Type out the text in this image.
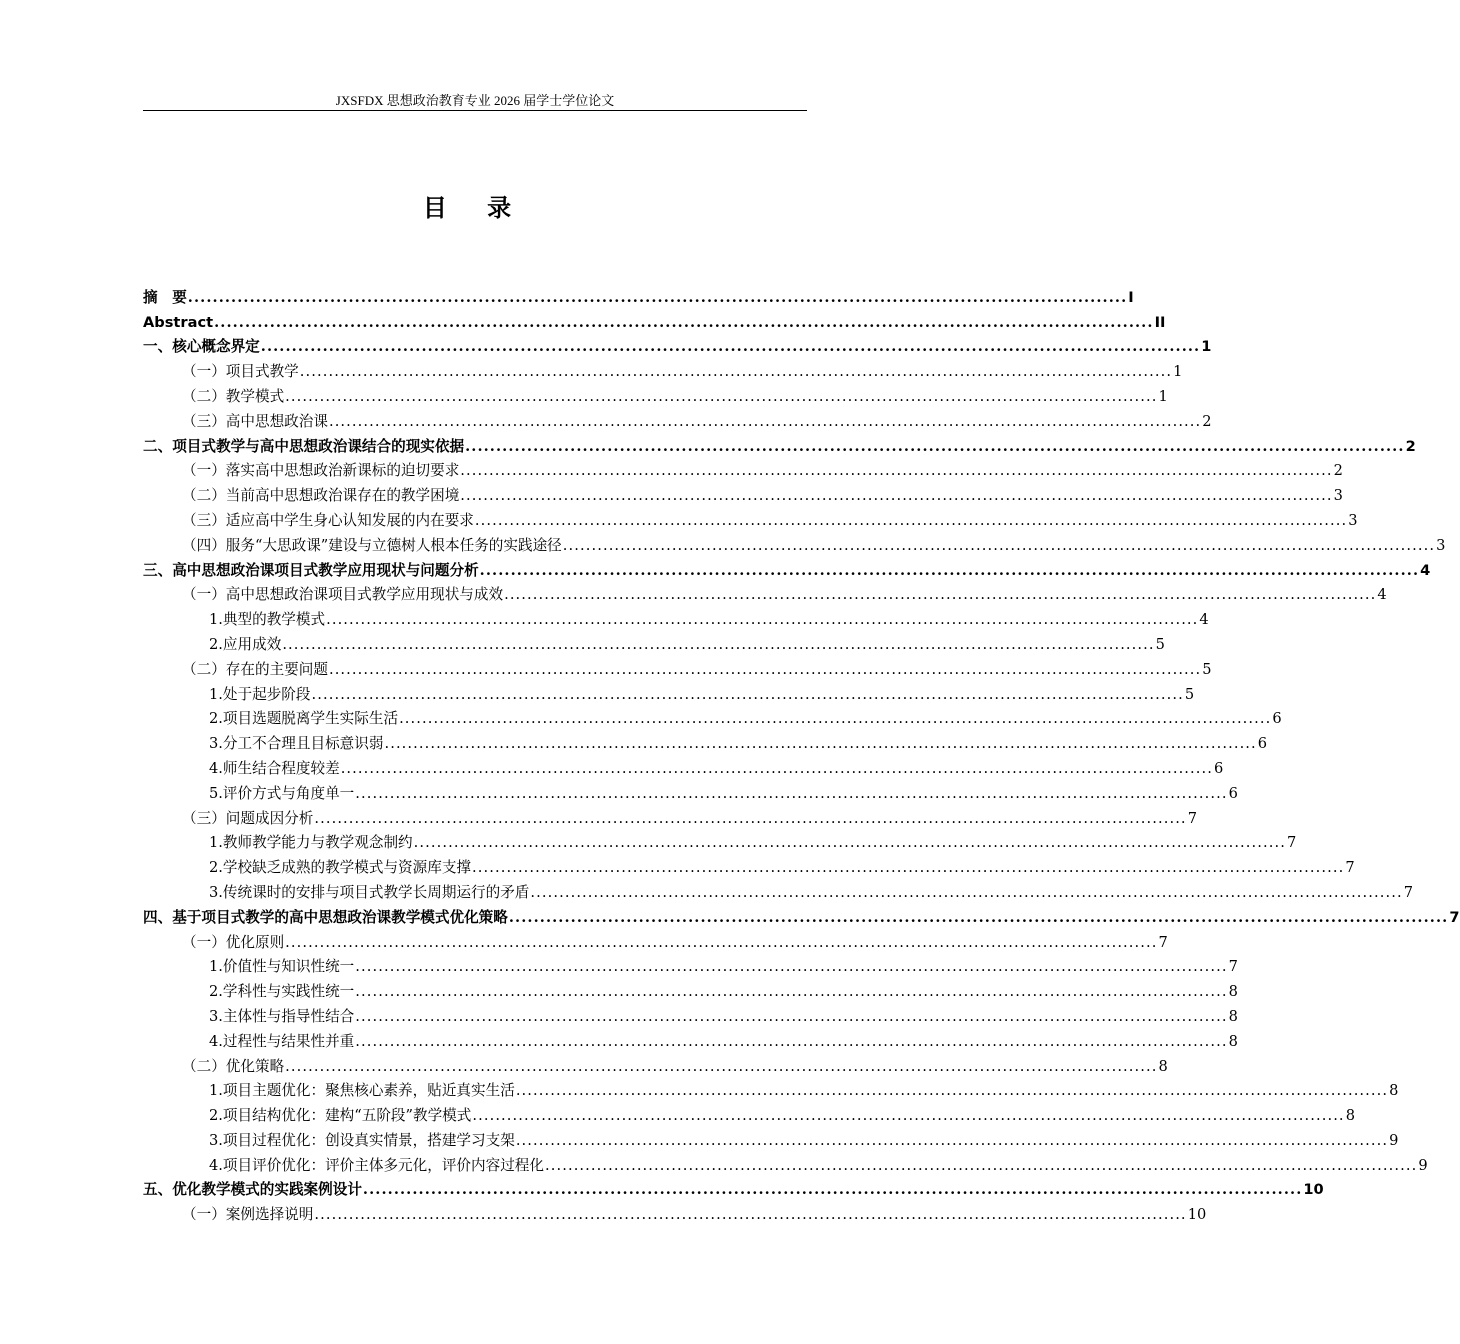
JXSFDX 思想政治教育专业 2026 届学士学位论文
目 录
摘　要 ........................................................................................................................................................ I
Abstract ........................................................................................................................................................ II
一、核心概念界定 ........................................................................................................................................................ 1
（一）项目式教学 ........................................................................................................................................................ 1
（二）教学模式 ........................................................................................................................................................ 1
（三）高中思想政治课 ........................................................................................................................................................ 2
二、项目式教学与高中思想政治课结合的现实依据 ........................................................................................................................................................ 2
（一）落实高中思想政治新课标的迫切要求 ........................................................................................................................................................ 2
（二）当前高中思想政治课存在的教学困境 ........................................................................................................................................................ 3
（三）适应高中学生身心认知发展的内在要求 ........................................................................................................................................................ 3
（四）服务“大思政课”建设与立德树人根本任务的实践途径 ........................................................................................................................................................ 3
三、高中思想政治课项目式教学应用现状与问题分析 ........................................................................................................................................................ 4
（一）高中思想政治课项目式教学应用现状与成效 ........................................................................................................................................................ 4
1.典型的教学模式 ........................................................................................................................................................ 4
2.应用成效 ........................................................................................................................................................ 5
（二）存在的主要问题 ........................................................................................................................................................ 5
1.处于起步阶段 ........................................................................................................................................................ 5
2.项目选题脱离学生实际生活 ........................................................................................................................................................ 6
3.分工不合理且目标意识弱 ........................................................................................................................................................ 6
4.师生结合程度较差 ........................................................................................................................................................ 6
5.评价方式与角度单一 ........................................................................................................................................................ 6
（三）问题成因分析 ........................................................................................................................................................ 7
1.教师教学能力与教学观念制约 ........................................................................................................................................................ 7
2.学校缺乏成熟的教学模式与资源库支撑 ........................................................................................................................................................ 7
3.传统课时的安排与项目式教学长周期运行的矛盾 ........................................................................................................................................................ 7
四、基于项目式教学的高中思想政治课教学模式优化策略 ........................................................................................................................................................ 7
（一）优化原则 ........................................................................................................................................................ 7
1.价值性与知识性统一 ........................................................................................................................................................ 7
2.学科性与实践性统一 ........................................................................................................................................................ 8
3.主体性与指导性结合 ........................................................................................................................................................ 8
4.过程性与结果性并重 ........................................................................................................................................................ 8
（二）优化策略 ........................................................................................................................................................ 8
1.项目主题优化：聚焦核心素养，贴近真实生活 ........................................................................................................................................................ 8
2.项目结构优化：建构“五阶段”教学模式 ........................................................................................................................................................ 8
3.项目过程优化：创设真实情景，搭建学习支架 ........................................................................................................................................................ 9
4.项目评价优化：评价主体多元化，评价内容过程化 ........................................................................................................................................................ 9
五、优化教学模式的实践案例设计 ........................................................................................................................................................ 10
（一）案例选择说明 ........................................................................................................................................................ 10
